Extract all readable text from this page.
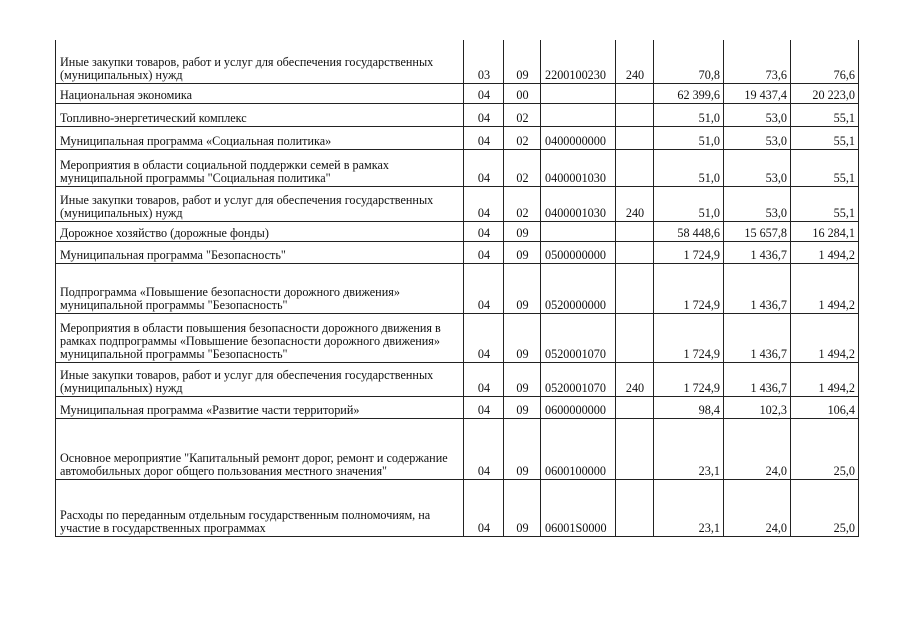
Иные закупки товаров, работ и услуг для обеспечения государственных (муниципальных) нужд	03	09	2200100230	240	70,8	73,6	76,6
Национальная экономика	04	00			62 399,6	19 437,4	20 223,0
Топливно-энергетический комплекс	04	02			51,0	53,0	55,1
Муниципальная программа «Социальная политика»	04	02	0400000000		51,0	53,0	55,1
Мероприятия в области социальной поддержки семей в рамках муниципальной программы "Социальная политика"	04	02	0400001030		51,0	53,0	55,1
Иные закупки товаров, работ и услуг для обеспечения государственных (муниципальных) нужд	04	02	0400001030	240	51,0	53,0	55,1
Дорожное хозяйство (дорожные фонды)	04	09			58 448,6	15 657,8	16 284,1
Муниципальная программа "Безопасность"	04	09	0500000000		1 724,9	1 436,7	1 494,2
Подпрограмма «Повышение безопасности дорожного движения» муниципальной программы "Безопасность"	04	09	0520000000		1 724,9	1 436,7	1 494,2
Мероприятия в области повышения безопасности дорожного движения в рамках подпрограммы «Повышение безопасности дорожного движения» муниципальной программы "Безопасность"	04	09	0520001070		1 724,9	1 436,7	1 494,2
Иные закупки товаров, работ и услуг для обеспечения государственных (муниципальных) нужд	04	09	0520001070	240	1 724,9	1 436,7	1 494,2
Муниципальная программа «Развитие части территорий»	04	09	0600000000		98,4	102,3	106,4
Основное мероприятие "Капитальный ремонт дорог, ремонт и содержание автомобильных дорог общего пользования местного значения"	04	09	0600100000		23,1	24,0	25,0
Расходы по переданным отдельным государственным полномочиям, на участие в государственных программах	04	09	06001S0000		23,1	24,0	25,0
